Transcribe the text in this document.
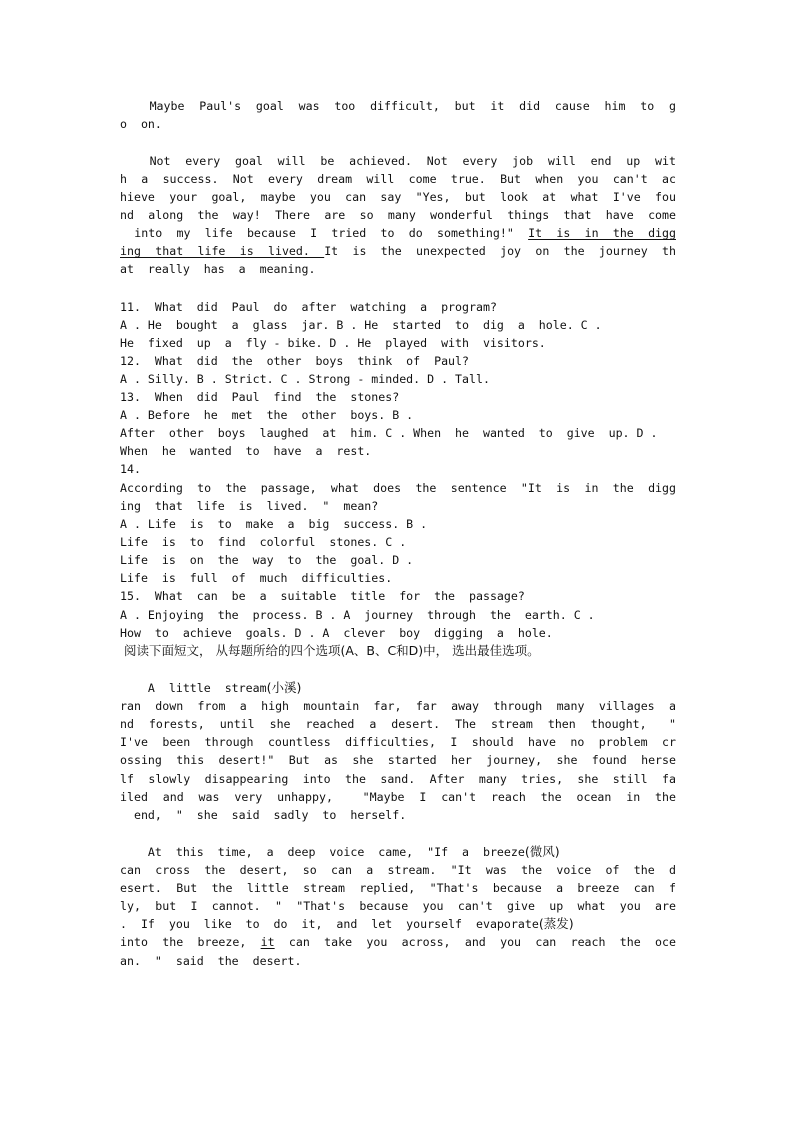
Maybe  Paul's  goal  was  too  difficult,  but  it  did  cause  him  to  g
o  on.
Not  every  goal  will  be  achieved.  Not  every  job  will  end  up  wit
h  a  success.  Not  every  dream  will  come  true.  But  when  you  can't  ac
hieve  your  goal,  maybe  you  can  say  "Yes,  but  look  at  what  I've  fou
nd  along  the  way!  There  are  so  many  wonderful  things  that  have  come
into  my  life  because  I  tried  to  do  something!"  It  is  in  the  digg
ing  that  life  is  lived.  It  is  the  unexpected  joy  on  the  journey  th
at  really  has  a  meaning.
11.  What  did  Paul  do  after  watching  a  program?
A . He  bought  a  glass  jar. B . He  started  to  dig  a  hole. C .
He  fixed  up  a  fly - bike. D . He  played  with  visitors.
12.  What  did  the  other  boys  think  of  Paul?
A . Silly. B . Strict. C . Strong - minded. D . Tall.
13.  When  did  Paul  find  the  stones?
A . Before  he  met  the  other  boys. B .
After  other  boys  laughed  at  him. C . When  he  wanted  to  give  up. D .
When  he  wanted  to  have  a  rest.
14.
According  to  the  passage,  what  does  the  sentence  "It  is  in  the  digg
ing  that  life  is  lived.  "  mean?
A . Life  is  to  make  a  big  success. B .
Life  is  to  find  colorful  stones. C .
Life  is  on  the  way  to  the  goal. D .
Life  is  full  of  much  difficulties.
15.  What  can  be  a  suitable  title  for  the  passage?
A . Enjoying  the  process. B . A  journey  through  the  earth. C .
How  to  achieve  goals. D . A  clever  boy  digging  a  hole.
阅读下面短文， 从每题所给的四个选项(A、B、C和D)中， 选出最佳选项。
A  little  stream(小溪)
ran  down  from  a  high  mountain  far,  far  away  through  many  villages  a
nd  forests,  until  she  reached  a  desert.  The  stream  then  thought,   "
I've  been  through  countless  difficulties,  I  should  have  no  problem  cr
ossing  this  desert!"  But  as  she  started  her  journey,  she  found  herse
lf  slowly  disappearing  into  the  sand.  After  many  tries,  she  still  fa
iled  and  was  very  unhappy,    "Maybe  I  can't  reach  the  ocean  in  the
end,  "  she  said  sadly  to  herself.
At  this  time,  a  deep  voice  came,  "If  a  breeze(微风)
can  cross  the  desert,  so  can  a  stream.  "It  was  the  voice  of  the  d
esert.  But  the  little  stream  replied,  "That's  because  a  breeze  can  f
ly,  but  I  cannot.  "  "That's  because  you  can't  give  up  what  you  are
.  If  you  like  to  do  it,  and  let  yourself  evaporate(蒸发)
into  the  breeze,  it  can  take  you  across,  and  you  can  reach  the  oce
an.  "  said  the  desert.
